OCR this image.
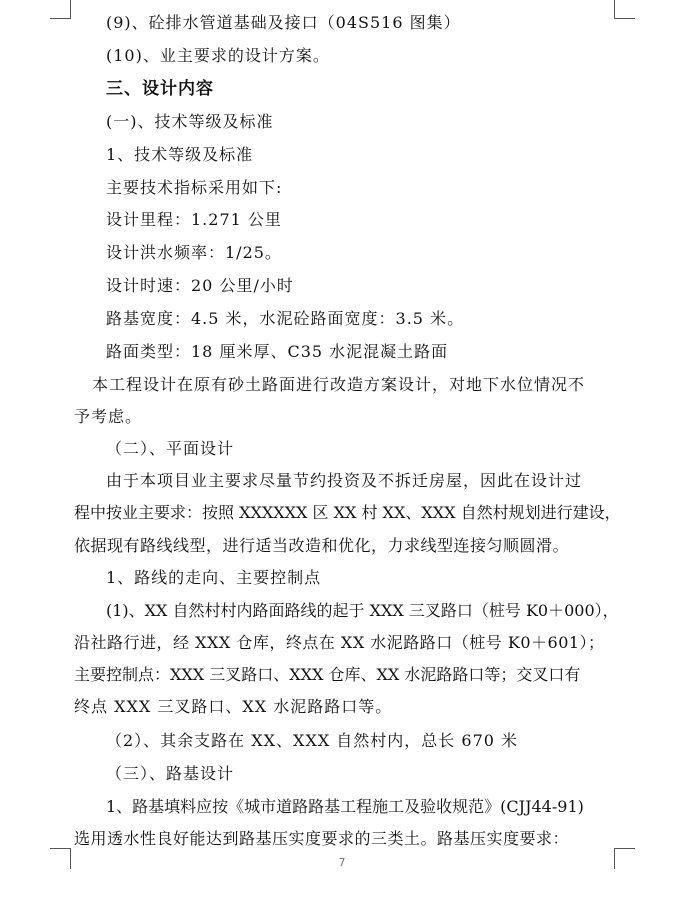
(9)、砼排水管道基础及接口（04S516 图集）
(10)、业主要求的设计方案。
三、设计内容
(一)、技术等级及标准
1、技术等级及标准
主要技术指标采用如下:
设计里程：1.271 公里
设计洪水频率：1/25。
设计时速：20 公里/小时
路基宽度：4.5 米，水泥砼路面宽度：3.5 米。
路面类型：18 厘米厚、C35 水泥混凝土路面
本工程设计在原有砂土路面进行改造方案设计，对地下水位情况不
予考虑。
（二）、平面设计
由于本项目业主要求尽量节约投资及不拆迁房屋，因此在设计过
程中按业主要求：按照 XXXXXX 区 XX 村 XX、XXX 自然村规划进行建设，
依据现有路线线型，进行适当改造和优化，力求线型连接匀顺圆滑。
1、路线的走向、主要控制点
(1)、XX 自然村村内路面路线的起于 XXX 三叉路口（桩号 K0＋000），
沿社路行进，经 XXX 仓库，终点在 XX 水泥路路口（桩号 K0＋601）；
主要控制点：XXX 三叉路口、XXX 仓库、XX 水泥路路口等；交叉口有
终点 XXX 三叉路口、XX 水泥路路口等。
（2）、其余支路在 XX、XXX 自然村内，总长 670 米
（三）、路基设计
1、路基填料应按《城市道路路基工程施工及验收规范》(CJJ44-91)
选用透水性良好能达到路基压实度要求的三类土。路基压实度要求：
7
